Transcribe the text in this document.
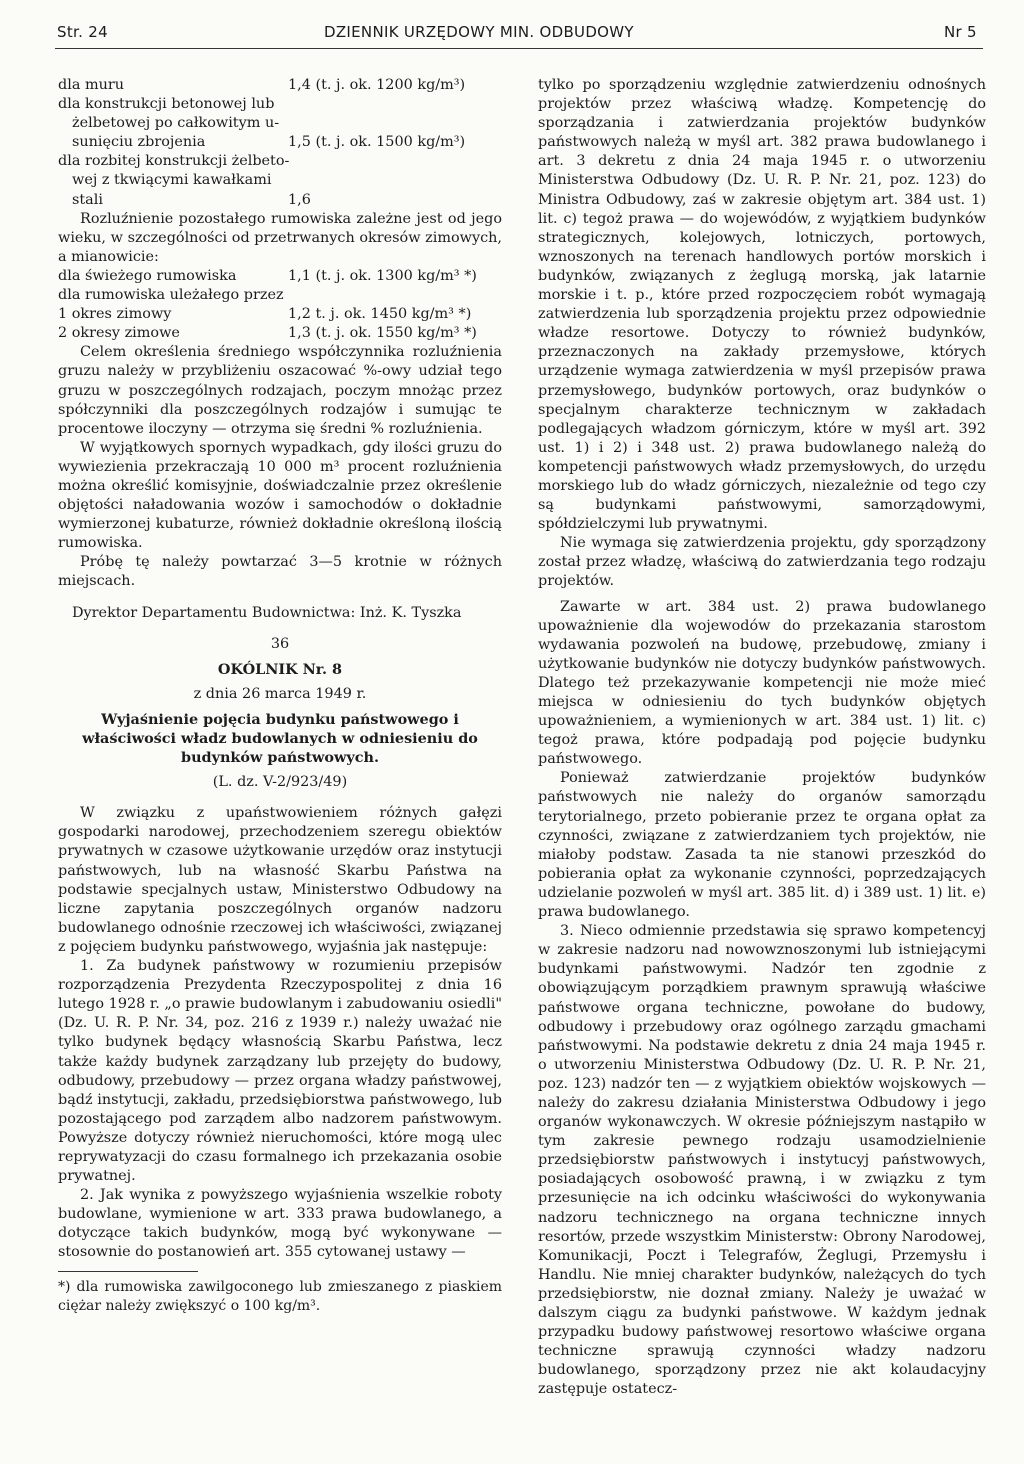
Str. 24	DZIENNIK URZĘDOWY MIN. ODBUDOWY	Nr 5
dla muru	1,4 (t. j. ok. 1200 kg/m³)
dla konstrukcji betonowej lub
żelbetowej po całkowitym u-
sunięciu zbrojenia	1,5 (t. j. ok. 1500 kg/m³)
dla rozbitej konstrukcji żelbeto-
wej z tkwiącymi kawałkami
stali	1,6

Rozluźnienie pozostałego rumowiska zależne jest od jego wieku, w szczególności od przetrwanych okresów zimowych, a mianowicie:

dla świeżego rumowiska	1,1 (t. j. ok. 1300 kg/m³ *)
dla rumowiska uleżałego przez
1 okres zimowy	1,2 t. j. ok. 1450 kg/m³ *)
2 okresy zimowe	1,3 (t. j. ok. 1550 kg/m³ *)

Celem określenia średniego współczynnika rozluźnienia gruzu należy w przybliżeniu oszacować %-owy udział tego gruzu w poszczególnych rodzajach, poczym mnożąc przez spółczynniki dla poszczególnych rodzajów i sumując te procentowe iloczyny — otrzyma się średni % rozluźnienia.

W wyjątkowych spornych wypadkach, gdy ilości gruzu do wywiezienia przekraczają 10 000 m³ procent rozluźnienia można określić komisyjnie, doświadczalnie przez określenie objętości naładowania wozów i samochodów o dokładnie wymierzonej kubaturze, również dokładnie określoną ilością rumowiska.

Próbę tę należy powtarzać 3—5 krotnie w różnych miejscach.

Dyrektor Departamentu Budownictwa: Inż. K. Tyszka

36

OKÓLNIK Nr. 8

z dnia 26 marca 1949 r.

Wyjaśnienie pojęcia budynku państwowego i właściwości władz budowlanych w odniesieniu do budynków państwowych.

(L. dz. V-2/923/49)

W związku z upaństwowieniem różnych gałęzi gospodarki narodowej, przechodzeniem szeregu obiektów prywatnych w czasowe użytkowanie urzędów oraz instytucji państwowych, lub na własność Skarbu Państwa na podstawie specjalnych ustaw, Ministerstwo Odbudowy na liczne zapytania poszczególnych organów nadzoru budowlanego odnośnie rzeczowej ich właściwości, związanej z pojęciem budynku państwowego, wyjaśnia jak następuje:

1. Za budynek państwowy w rozumieniu przepisów rozporządzenia Prezydenta Rzeczypospolitej z dnia 16 lutego 1928 r. „o prawie budowlanym i zabudowaniu osiedli" (Dz. U. R. P. Nr. 34, poz. 216 z 1939 r.) należy uważać nie tylko budynek będący własnością Skarbu Państwa, lecz także każdy budynek zarządzany lub przejęty do budowy, odbudowy, przebudowy — przez organa władzy państwowej, bądź instytucji, zakładu, przedsiębiorstwa państwowego, lub pozostającego pod zarządem albo nadzorem państwowym. Powyższe dotyczy również nieruchomości, które mogą ulec reprywatyzacji do czasu formalnego ich przekazania osobie prywatnej.

2. Jak wynika z powyższego wyjaśnienia wszelkie roboty budowlane, wymienione w art. 333 prawa budowlanego, a dotyczące takich budynków, mogą być wykonywane — stosownie do postanowień art. 355 cytowanej ustawy —

*) dla rumowiska zawilgoconego lub zmieszanego z piaskiem ciężar należy zwiększyć o 100 kg/m³.

tylko po sporządzeniu względnie zatwierdzeniu odnośnych projektów przez właściwą władzę. Kompetencję do sporządzania i zatwierdzania projektów budynków państwowych należą w myśl art. 382 prawa budowlanego i art. 3 dekretu z dnia 24 maja 1945 r. o utworzeniu Ministerstwa Odbudowy (Dz. U. R. P. Nr. 21, poz. 123) do Ministra Odbudowy, zaś w zakresie objętym art. 384 ust. 1) lit. c) tegoż prawa — do wojewódów, z wyjątkiem budynków strategicznych, kolejowych, lotniczych, portowych, wznoszonych na terenach handlowych portów morskich i budynków, związanych z żeglugą morską, jak latarnie morskie i t. p., które przed rozpoczęciem robót wymagają zatwierdzenia lub sporządzenia projektu przez odpowiednie władze resortowe. Dotyczy to również budynków, przeznaczonych na zakłady przemysłowe, których urządzenie wymaga zatwierdzenia w myśl przepisów prawa przemysłowego, budynków portowych, oraz budynków o specjalnym charakterze technicznym w zakładach podlegających władzom górniczym, które w myśl art. 392 ust. 1) i 2) i 348 ust. 2) prawa budowlanego należą do kompetencji państwowych władz przemysłowych, do urzędu morskiego lub do władz górniczych, niezależnie od tego czy są budynkami państwowymi, samorządowymi, spółdzielczymi lub prywatnymi.

Nie wymaga się zatwierdzenia projektu, gdy sporządzony został przez władzę, właściwą do zatwierdzania tego rodzaju projektów.

Zawarte w art. 384 ust. 2) prawa budowlanego upoważnienie dla wojewodów do przekazania starostom wydawania pozwoleń na budowę, przebudowę, zmiany i użytkowanie budynków nie dotyczy budynków państwowych. Dlatego też przekazywanie kompetencji nie może mieć miejsca w odniesieniu do tych budynków objętych upoważnieniem, a wymienionych w art. 384 ust. 1) lit. c) tegoż prawa, które podpadają pod pojęcie budynku państwowego.

Ponieważ zatwierdzanie projektów budynków państwowych nie należy do organów samorządu terytorialnego, przeto pobieranie przez te organa opłat za czynności, związane z zatwierdzaniem tych projektów, nie miałoby podstaw. Zasada ta nie stanowi przeszkód do pobierania opłat za wykonanie czynności, poprzedzających udzielanie pozwoleń w myśl art. 385 lit. d) i 389 ust. 1) lit. e) prawa budowlanego.

3. Nieco odmiennie przedstawia się sprawo kompetencyj w zakresie nadzoru nad nowowznoszonymi lub istniejącymi budynkami państwowymi. Nadzór ten zgodnie z obowiązującym porządkiem prawnym sprawują właściwe państwowe organa techniczne, powołane do budowy, odbudowy i przebudowy oraz ogólnego zarządu gmachami państwowymi. Na podstawie dekretu z dnia 24 maja 1945 r. o utworzeniu Ministerstwa Odbudowy (Dz. U. R. P. Nr. 21, poz. 123) nadzór ten — z wyjątkiem obiektów wojskowych — należy do zakresu działania Ministerstwa Odbudowy i jego organów wykonawczych. W okresie późniejszym nastąpiło w tym zakresie pewnego rodzaju usamodzielnienie przedsiębiorstw państwowych i instytucyj państwowych, posiadających osobowość prawną, i w związku z tym przesunięcie na ich odcinku właściwości do wykonywania nadzoru technicznego na organa techniczne innych resortów, przede wszystkim Ministerstw: Obrony Narodowej, Komunikacji, Poczt i Telegrafów, Żeglugi, Przemysłu i Handlu. Nie mniej charakter budynków, należących do tych przedsiębiorstw, nie doznał zmiany. Należy je uważać w dalszym ciągu za budynki państwowe. W każdym jednak przypadku budowy państwowej resortowo właściwe organa techniczne sprawują czynności władzy nadzoru budowlanego, sporządzony przez nie akt kolaudacyjny zastępuje ostatecz-
